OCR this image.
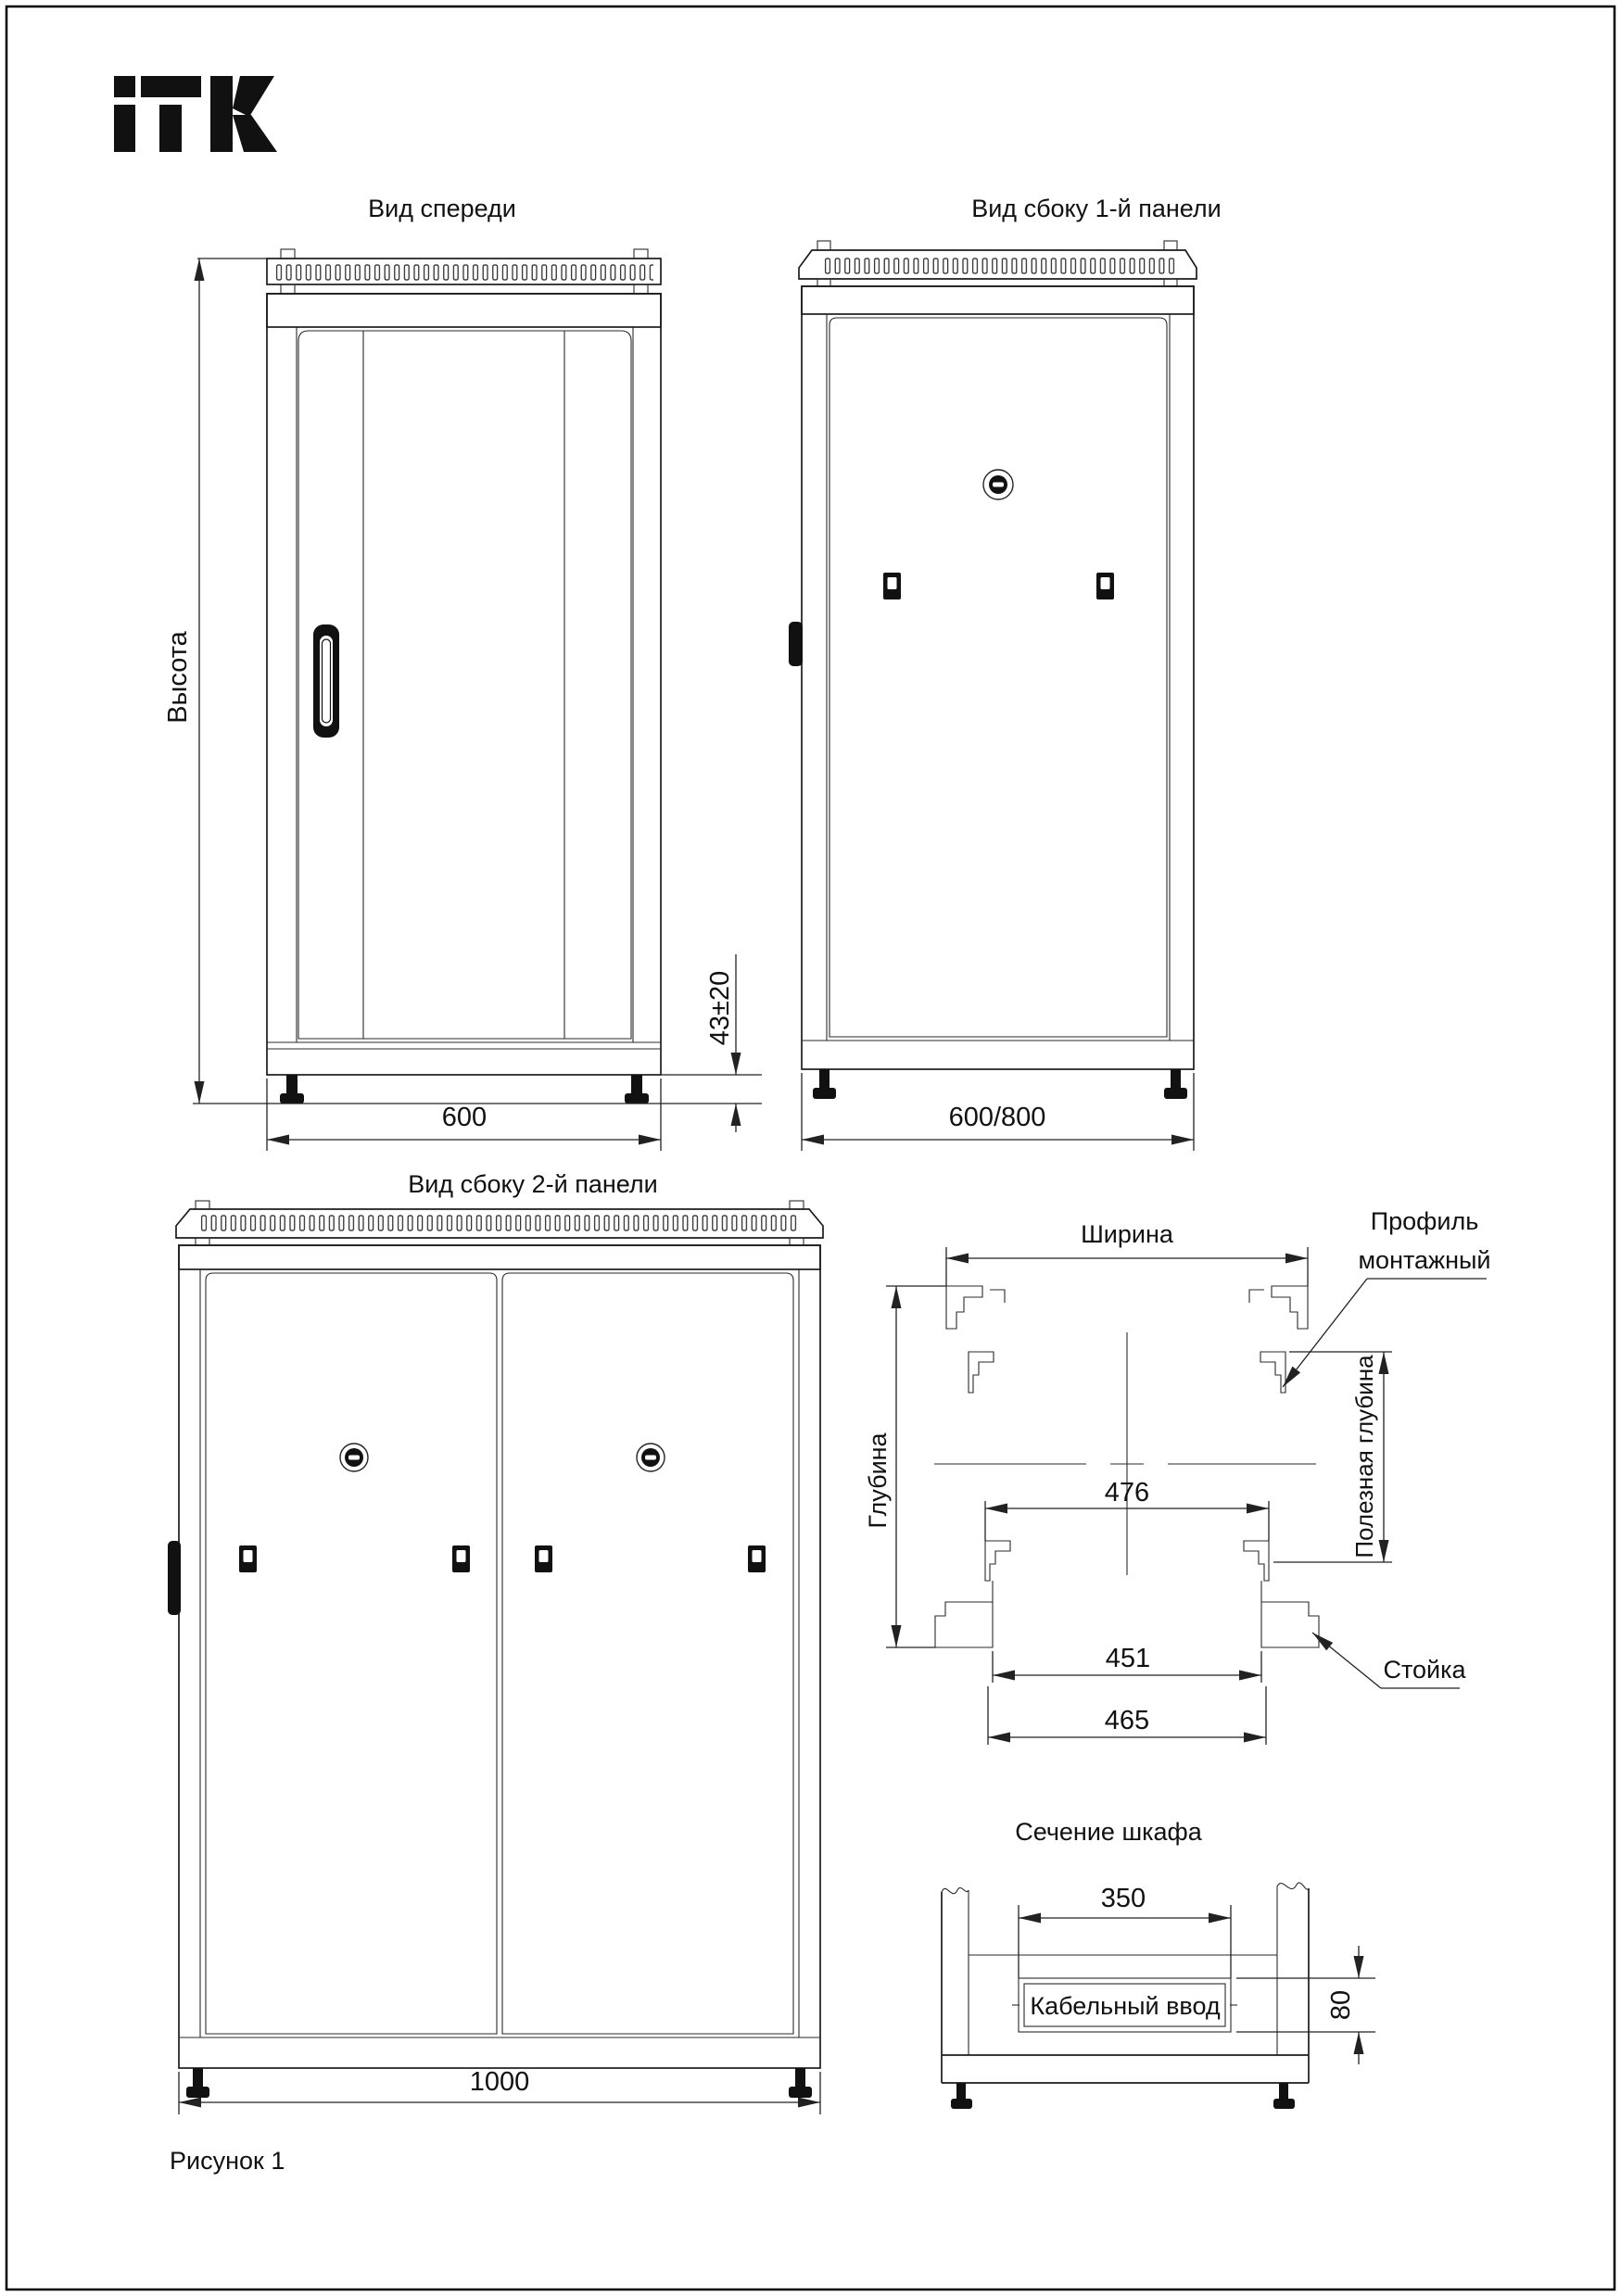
Вид спереди
Высота
600
43±20
Вид сбоку 1-й панели
600/800
Вид сбоку 2-й панели
1000
Ширина	Профиль
монтажный
Глубина	Полезная глубина
476
Стойка
451
465
Сечение шкафа
350
Кабельный ввод	80
Рисунок 1
